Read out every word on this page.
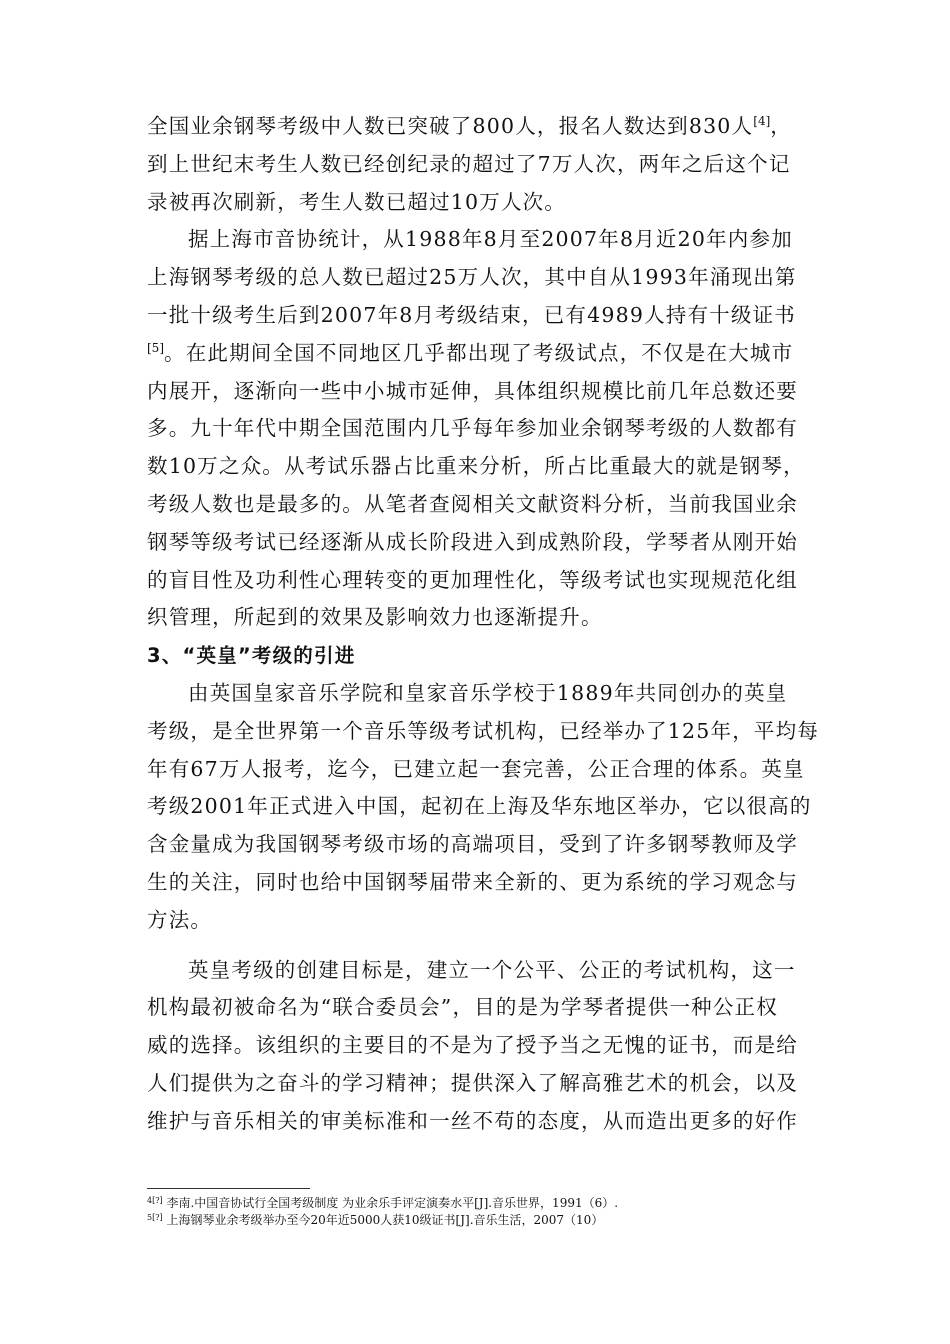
全国业余钢琴考级中人数已突破了800人，报名人数达到830人[4]，
到上世纪末考生人数已经创纪录的超过了7万人次，两年之后这个记
录被再次刷新，考生人数已超过10万人次。
据上海市音协统计，从1988年8月至2007年8月近20年内参加
上海钢琴考级的总人数已超过25万人次，其中自从1993年涌现出第
一批十级考生后到2007年8月考级结束，已有4989人持有十级证书
[5]。在此期间全国不同地区几乎都出现了考级试点，不仅是在大城市
内展开，逐渐向一些中小城市延伸，具体组织规模比前几年总数还要
多。九十年代中期全国范围内几乎每年参加业余钢琴考级的人数都有
数10万之众。从考试乐器占比重来分析，所占比重最大的就是钢琴，
考级人数也是最多的。从笔者查阅相关文献资料分析，当前我国业余
钢琴等级考试已经逐渐从成长阶段进入到成熟阶段，学琴者从刚开始
的盲目性及功利性心理转变的更加理性化，等级考试也实现规范化组
织管理，所起到的效果及影响效力也逐渐提升。
3、“英皇”考级的引进
由英国皇家音乐学院和皇家音乐学校于1889年共同创办的英皇
考级，是全世界第一个音乐等级考试机构，已经举办了125年，平均每
年有67万人报考，迄今，已建立起一套完善，公正合理的体系。英皇
考级2001年正式进入中国，起初在上海及华东地区举办，它以很高的
含金量成为我国钢琴考级市场的高端项目，受到了许多钢琴教师及学
生的关注，同时也给中国钢琴届带来全新的、更为系统的学习观念与
方法。
英皇考级的创建目标是，建立一个公平、公正的考试机构，这一
机构最初被命名为“联合委员会”，目的是为学琴者提供一种公正权
威的选择。该组织的主要目的不是为了授予当之无愧的证书，而是给
人们提供为之奋斗的学习精神；提供深入了解高雅艺术的机会，以及
维护与音乐相关的审美标准和一丝不苟的态度，从而造出更多的好作
$^{4[?]}$ 李南.中国音协试行全国考级制度 为业余乐手评定演奏水平[J].音乐世界，1991（6）.
$^{5[?]}$ 上海钢琴业余考级举办至今20年近5000人获10级证书[J].音乐生活，2007（10）
